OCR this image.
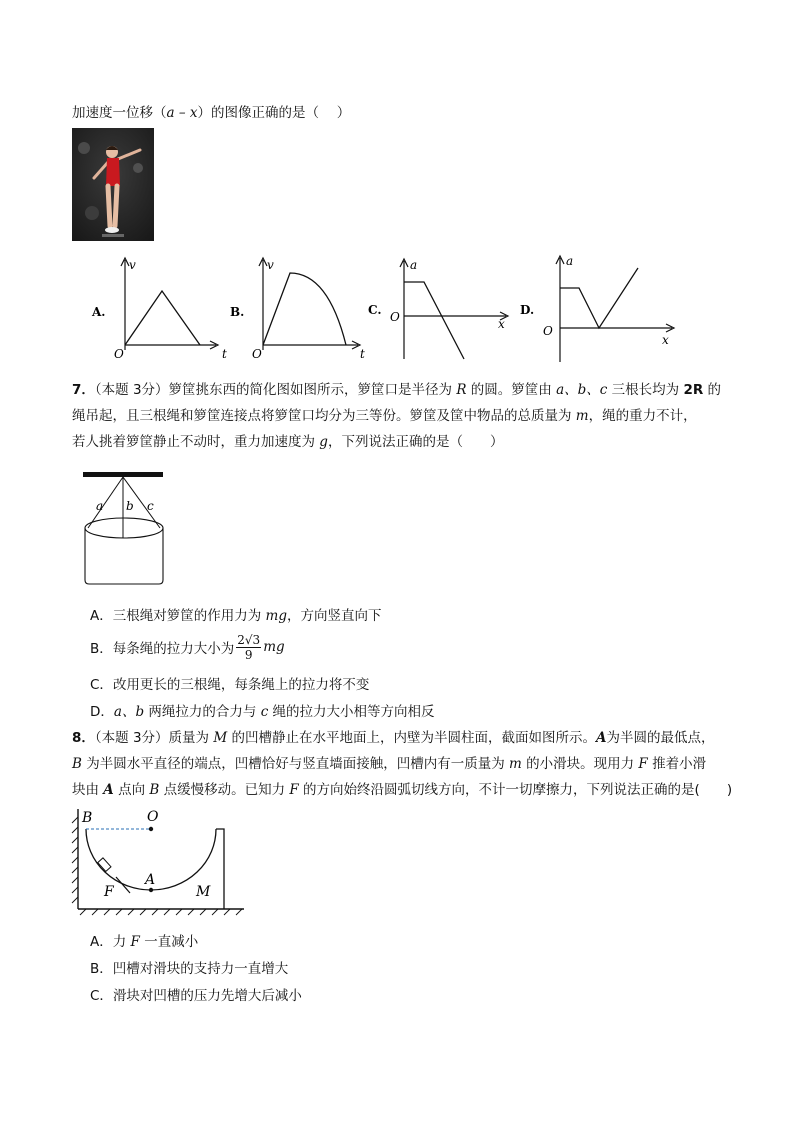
加速度一位移（a – x）的图像正确的是（　 ）
A.
v
t
O
B.
v
t
O
C.
a
x
O	D.
a
x
O
7．（本题 3分）箩筐挑东西的简化图如图所示，箩筐口是半径为 R 的圆。箩筐由 a、b、c 三根长均为 2R 的
绳吊起，且三根绳和箩筐连接点将箩筐口均分为三等份。箩筐及筐中物品的总质量为 m，绳的重力不计，
若人挑着箩筐静止不动时，重力加速度为 g，下列说法正确的是（　　）
a b c
A．三根绳对箩筐的作用力为 mg，方向竖直向下
B． 每条绳的拉力大小为 $\frac{2√3}{9}$ mg
C．改用更长的三根绳，每条绳上的拉力将不变
D．a、b 两绳拉力的合力与 c 绳的拉力大小相等方向相反
8．（本题 3分）质量为 M 的凹槽静止在水平地面上，内壁为半圆柱面，截面如图所示。A为半圆的最低点，
B 为半圆水平直径的端点，凹槽恰好与竖直墙面接触，凹槽内有一质量为 m 的小滑块。现用力 F 推着小滑
块由 A 点向 B 点缓慢移动。已知力 F 的方向始终沿圆弧切线方向，不计一切摩擦力，下列说法正确的是(　　)
B	O
A
F	M
A．力 F 一直减小
B．凹槽对滑块的支持力一直增大
C．滑块对凹槽的压力先增大后减小
